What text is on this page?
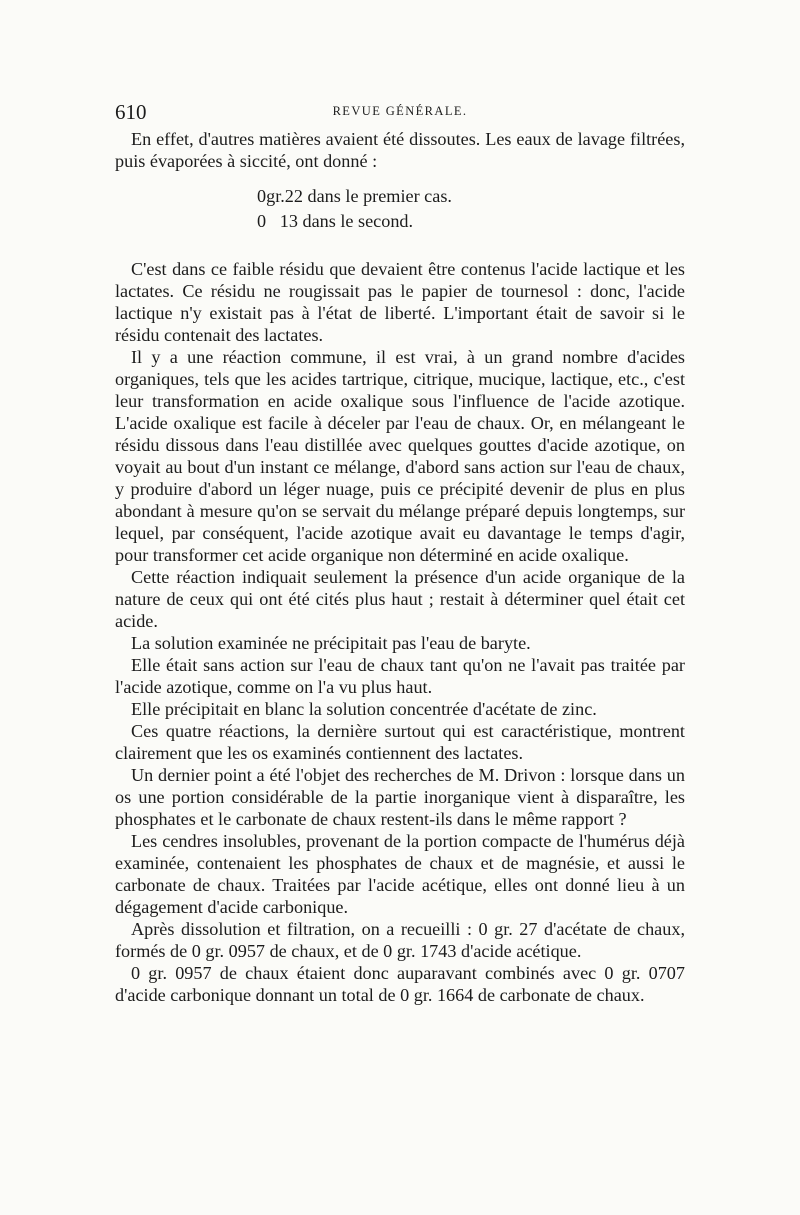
610	REVUE GÉNÉRALE.

En effet, d'autres matières avaient été dissoutes. Les eaux de lavage filtrées, puis évaporées à siccité, ont donné :

0gr.22 dans le premier cas.
0   13 dans le second.

C'est dans ce faible résidu que devaient être contenus l'acide lactique et les lactates. Ce résidu ne rougissait pas le papier de tournesol : donc, l'acide lactique n'y existait pas à l'état de liberté. L'important était de savoir si le résidu contenait des lactates.

Il y a une réaction commune, il est vrai, à un grand nombre d'acides organiques, tels que les acides tartrique, citrique, mucique, lactique, etc., c'est leur transformation en acide oxalique sous l'influence de l'acide azotique. L'acide oxalique est facile à déceler par l'eau de chaux. Or, en mélangeant le résidu dissous dans l'eau distillée avec quelques gouttes d'acide azotique, on voyait au bout d'un instant ce mélange, d'abord sans action sur l'eau de chaux, y produire d'abord un léger nuage, puis ce précipité devenir de plus en plus abondant à mesure qu'on se servait du mélange préparé depuis longtemps, sur lequel, par conséquent, l'acide azotique avait eu davantage le temps d'agir, pour transformer cet acide organique non déterminé en acide oxalique.

Cette réaction indiquait seulement la présence d'un acide organique de la nature de ceux qui ont été cités plus haut ; restait à déterminer quel était cet acide.

La solution examinée ne précipitait pas l'eau de baryte.

Elle était sans action sur l'eau de chaux tant qu'on ne l'avait pas traitée par l'acide azotique, comme on l'a vu plus haut.

Elle précipitait en blanc la solution concentrée d'acétate de zinc.

Ces quatre réactions, la dernière surtout qui est caractéristique, montrent clairement que les os examinés contiennent des lactates.

Un dernier point a été l'objet des recherches de M. Drivon : lorsque dans un os une portion considérable de la partie inorganique vient à disparaître, les phosphates et le carbonate de chaux restent-ils dans le même rapport ?

Les cendres insolubles, provenant de la portion compacte de l'humérus déjà examinée, contenaient les phosphates de chaux et de magnésie, et aussi le carbonate de chaux. Traitées par l'acide acétique, elles ont donné lieu à un dégagement d'acide carbonique.

Après dissolution et filtration, on a recueilli : 0 gr. 27 d'acétate de chaux, formés de 0 gr. 0957 de chaux, et de 0 gr. 1743 d'acide acétique.

0 gr. 0957 de chaux étaient donc auparavant combinés avec 0 gr. 0707 d'acide carbonique donnant un total de 0 gr. 1664 de carbonate de chaux.
